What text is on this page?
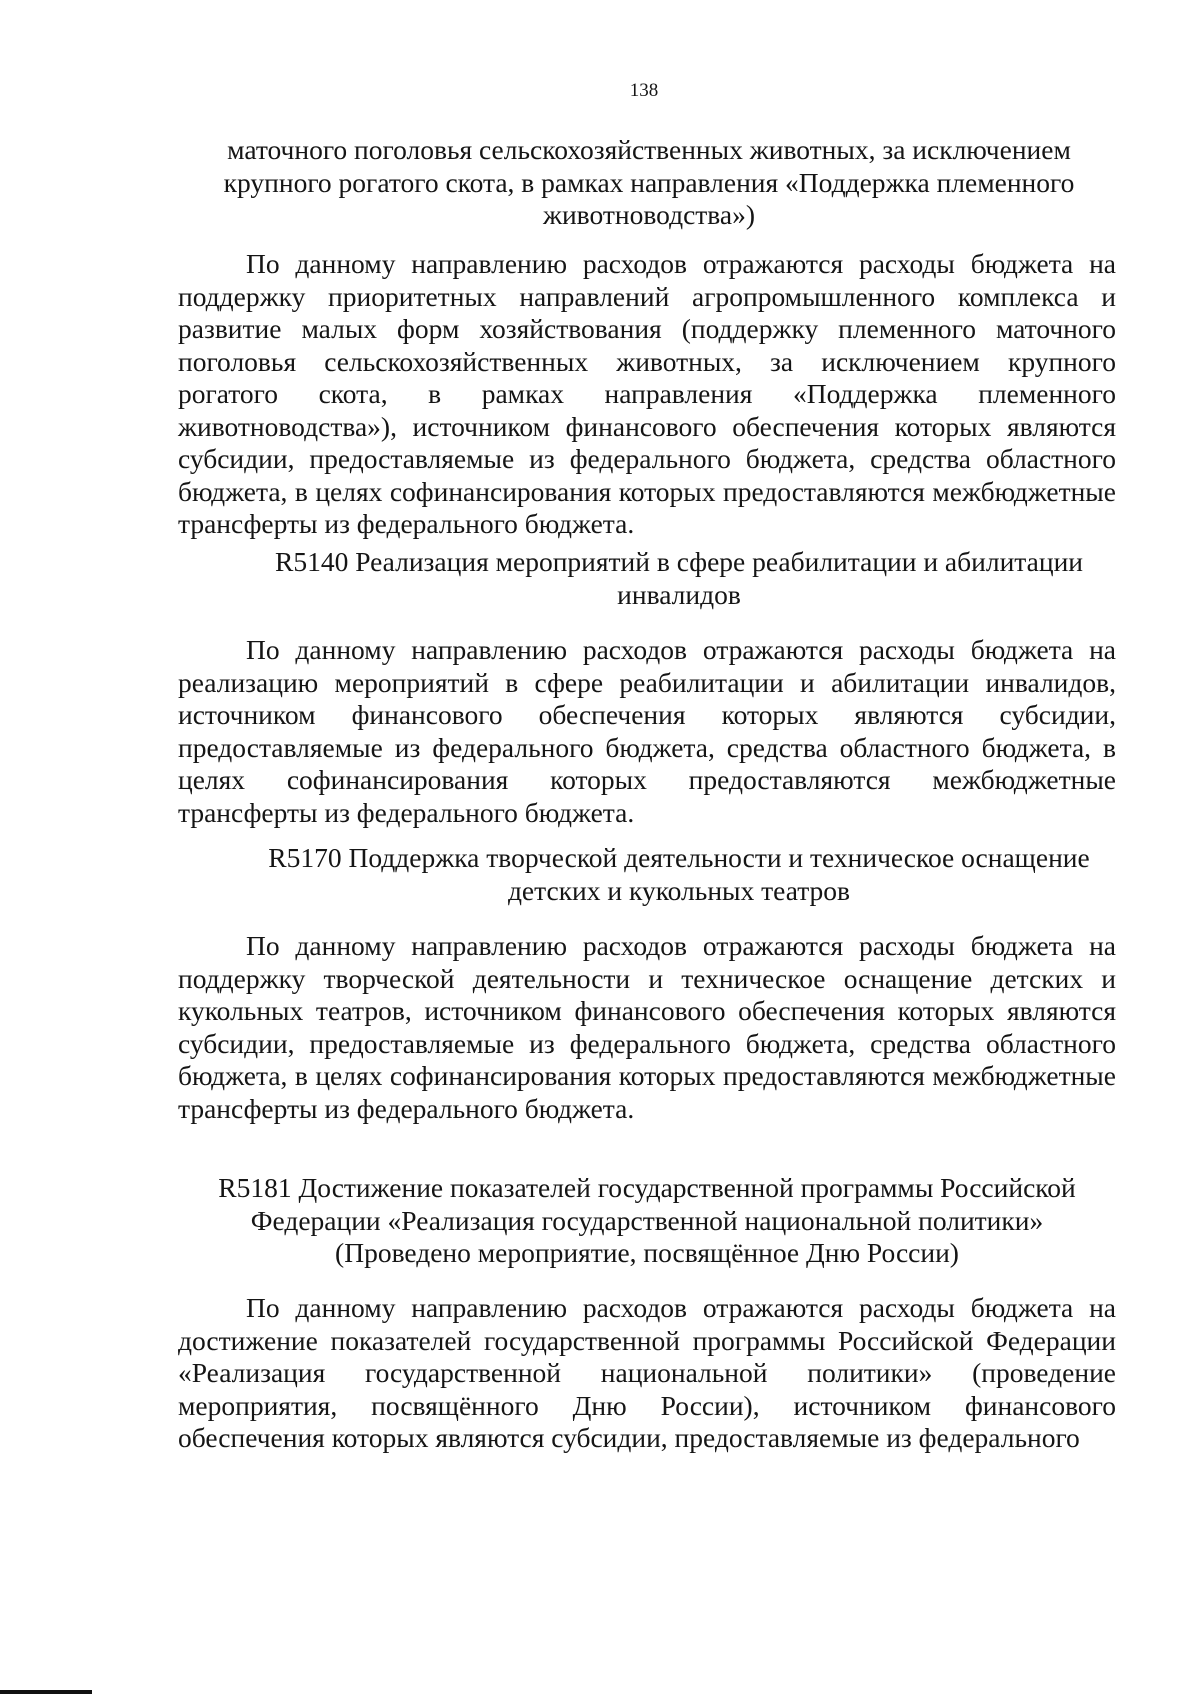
138

маточного поголовья сельскохозяйственных животных, за исключением крупного рогатого скота, в рамках направления «Поддержка племенного животноводства»)

По данному направлению расходов отражаются расходы бюджета на поддержку приоритетных направлений агропромышленного комплекса и развитие малых форм хозяйствования (поддержку племенного маточного поголовья сельскохозяйственных животных, за исключением крупного рогатого скота, в рамках направления «Поддержка племенного животноводства»), источником финансового обеспечения которых являются субсидии, предоставляемые из федерального бюджета, средства областного бюджета, в целях софинансирования которых предоставляются межбюджетные трансферты из федерального бюджета.

R5140 Реализация мероприятий в сфере реабилитации и абилитации инвалидов

По данному направлению расходов отражаются расходы бюджета на реализацию мероприятий в сфере реабилитации и абилитации инвалидов, источником финансового обеспечения которых являются субсидии, предоставляемые из федерального бюджета, средства областного бюджета, в целях софинансирования которых предоставляются межбюджетные трансферты из федерального бюджета.

R5170 Поддержка творческой деятельности и техническое оснащение детских и кукольных театров

По данному направлению расходов отражаются расходы бюджета на поддержку творческой деятельности и техническое оснащение детских и кукольных театров, источником финансового обеспечения которых являются субсидии, предоставляемые из федерального бюджета, средства областного бюджета, в целях софинансирования которых предоставляются межбюджетные трансферты из федерального бюджета.

R5181 Достижение показателей государственной программы Российской Федерации «Реализация государственной национальной политики» (Проведено мероприятие, посвящённое Дню России)

По данному направлению расходов отражаются расходы бюджета на достижение показателей государственной программы Российской Федерации «Реализация государственной национальной политики» (проведение мероприятия, посвящённого Дню России), источником финансового обеспечения которых являются субсидии, предоставляемые из федерального
